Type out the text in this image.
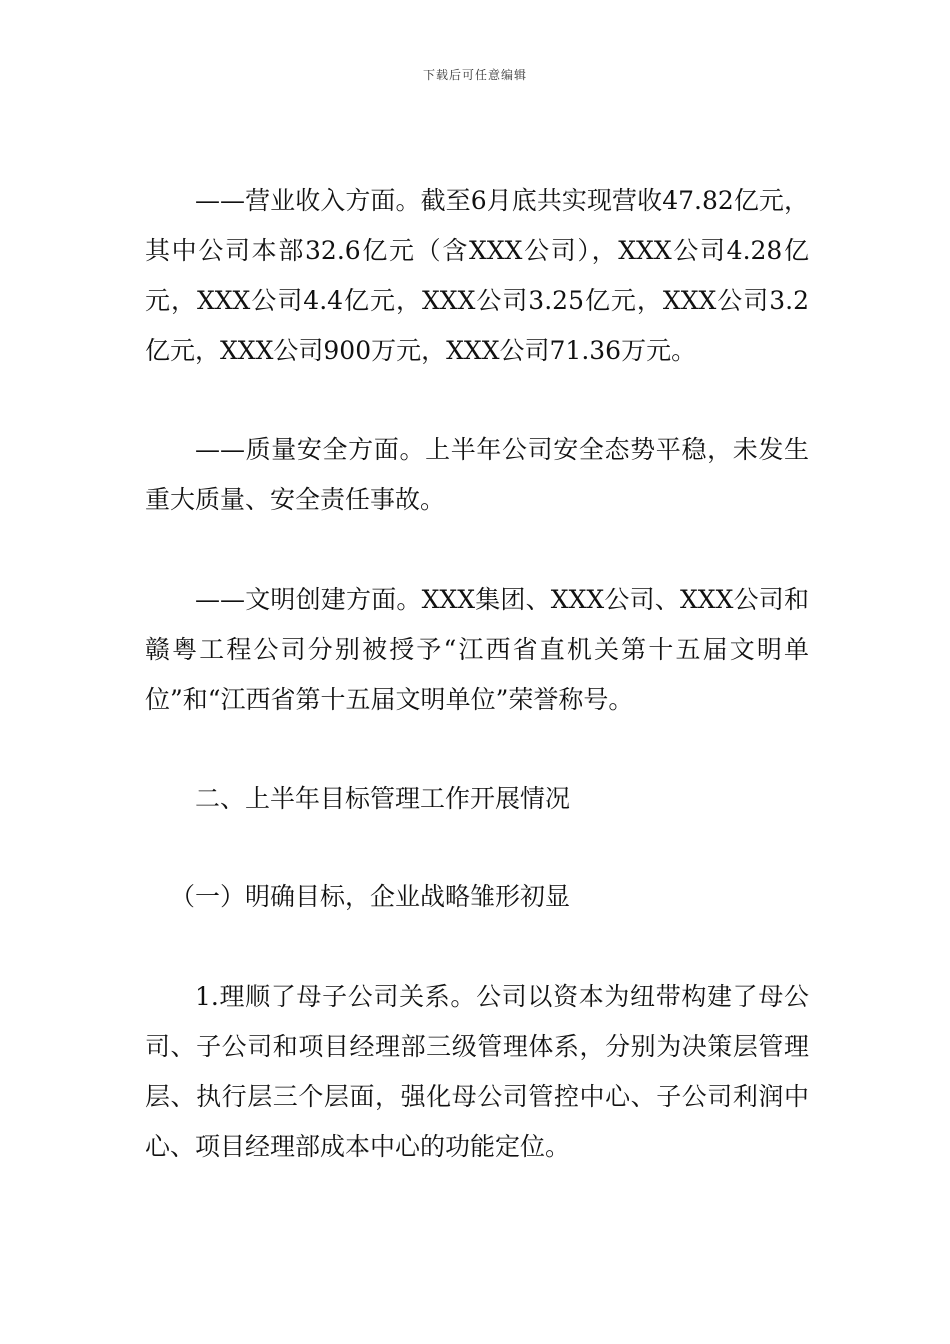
下载后可任意编辑

——营业收入方面。截至6月底共实现营收47.82亿元，其中公司本部32.6亿元（含XXX公司），XXX公司4.28亿元，XXX公司4.4亿元，XXX公司3.25亿元，XXX公司3.2亿元，XXX公司900万元，XXX公司71.36万元。

——质量安全方面。上半年公司安全态势平稳，未发生重大质量、安全责任事故。

——文明创建方面。XXX集团、XXX公司、XXX公司和赣粤工程公司分别被授予“江西省直机关第十五届文明单位”和“江西省第十五届文明单位”荣誉称号。

二、上半年目标管理工作开展情况

（一）明确目标，企业战略雏形初显

1.理顺了母子公司关系。公司以资本为纽带构建了母公司、子公司和项目经理部三级管理体系，分别为决策层管理层、执行层三个层面，强化母公司管控中心、子公司利润中心、项目经理部成本中心的功能定位。
